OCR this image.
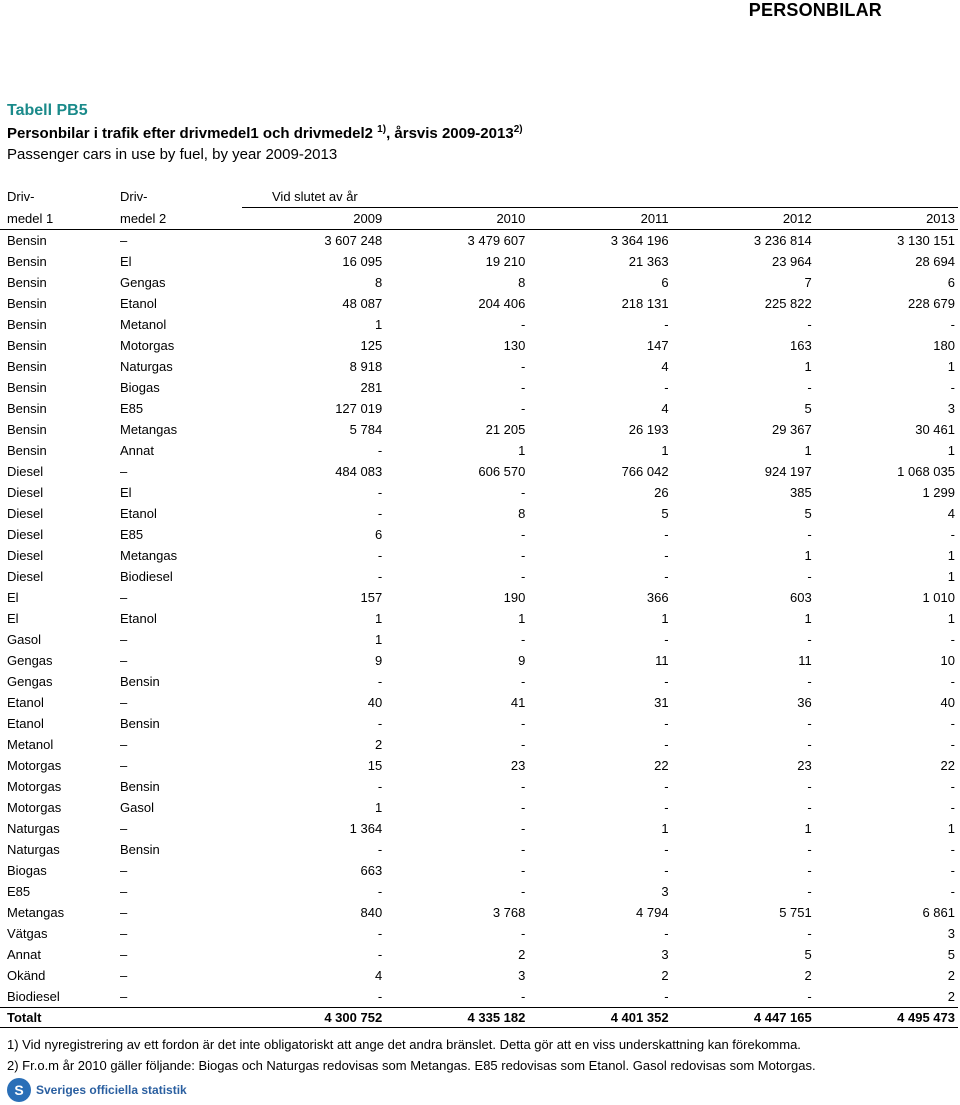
PERSONBILAR
Tabell PB5
Personbilar i trafik efter drivmedel1 och drivmedel2 $^{1)}$, årsvis 2009-2013$^{2)}$
Passenger cars in use by fuel, by year 2009-2013
Driv-	Driv-	Vid slutet av år				
medel 1	medel 2	2009	2010	2011	2012	2013
Bensin	–	3 607 248	3 479 607	3 364 196	3 236 814	3 130 151
Bensin	El	16 095	19 210	21 363	23 964	28 694
Bensin	Gengas	8	8	6	7	6
Bensin	Etanol	48 087	204 406	218 131	225 822	228 679
Bensin	Metanol	1	-	-	-	-
Bensin	Motorgas	125	130	147	163	180
Bensin	Naturgas	8 918	-	4	1	1
Bensin	Biogas	281	-	-	-	-
Bensin	E85	127 019	-	4	5	3
Bensin	Metangas	5 784	21 205	26 193	29 367	30 461
Bensin	Annat	-	1	1	1	1
Diesel	–	484 083	606 570	766 042	924 197	1 068 035
Diesel	El	-	-	26	385	1 299
Diesel	Etanol	-	8	5	5	4
Diesel	E85	6	-	-	-	-
Diesel	Metangas	-	-	-	1	1
Diesel	Biodiesel	-	-	-	-	1
El	–	157	190	366	603	1 010
El	Etanol	1	1	1	1	1
Gasol	–	1	-	-	-	-
Gengas	–	9	9	11	11	10
Gengas	Bensin	-	-	-	-	-
Etanol	–	40	41	31	36	40
Etanol	Bensin	-	-	-	-	-
Metanol	–	2	-	-	-	-
Motorgas	–	15	23	22	23	22
Motorgas	Bensin	-	-	-	-	-
Motorgas	Gasol	1	-	-	-	-
Naturgas	–	1 364	-	1	1	1
Naturgas	Bensin	-	-	-	-	-
Biogas	–	663	-	-	-	-
E85	–	-	-	3	-	-
Metangas	–	840	3 768	4 794	5 751	6 861
Vätgas	–	-	-	-	-	3
Annat	–	-	2	3	5	5
Okänd	–	4	3	2	2	2
Biodiesel	–	-	-	-	-	2
Totalt		4 300 752	4 335 182	4 401 352	4 447 165	4 495 473
1) Vid nyregistrering av ett fordon är det inte obligatoriskt att ange det andra bränslet. Detta gör att en viss underskattning kan förekomma.
2) Fr.o.m år 2010 gäller följande: Biogas och Naturgas redovisas som Metangas. E85 redovisas som Etanol. Gasol redovisas som Motorgas.
S	Sveriges officiella statistik
